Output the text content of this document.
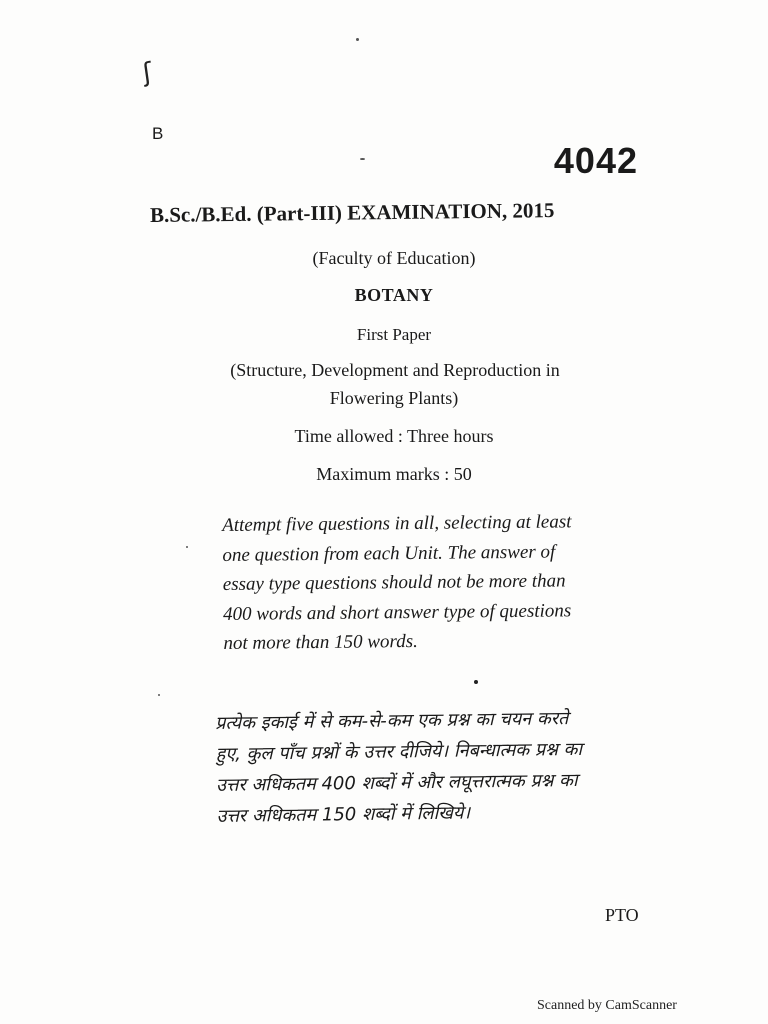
ʃ
B
4042
B.Sc./B.Ed. (Part-III) EXAMINATION, 2015
(Faculty of Education)
BOTANY
First Paper
(Structure, Development and Reproduction in
Flowering Plants)
Time allowed : Three hours
Maximum marks : 50
Attempt five questions in all, selecting at least one question from each Unit. The answer of essay type questions should not be more than 400 words and short answer type of questions not more than 150 words.
प्रत्येक इकाई में से कम-से-कम एक प्रश्न का चयन करते हुए, कुल पाँच प्रश्नों के उत्तर दीजिये। निबन्धात्मक प्रश्न का उत्तर अधिकतम 400 शब्दों में और लघूत्तरात्मक प्रश्न का उत्तर अधिकतम 150 शब्दों में लिखिये।
PTO
Scanned by CamScanner
